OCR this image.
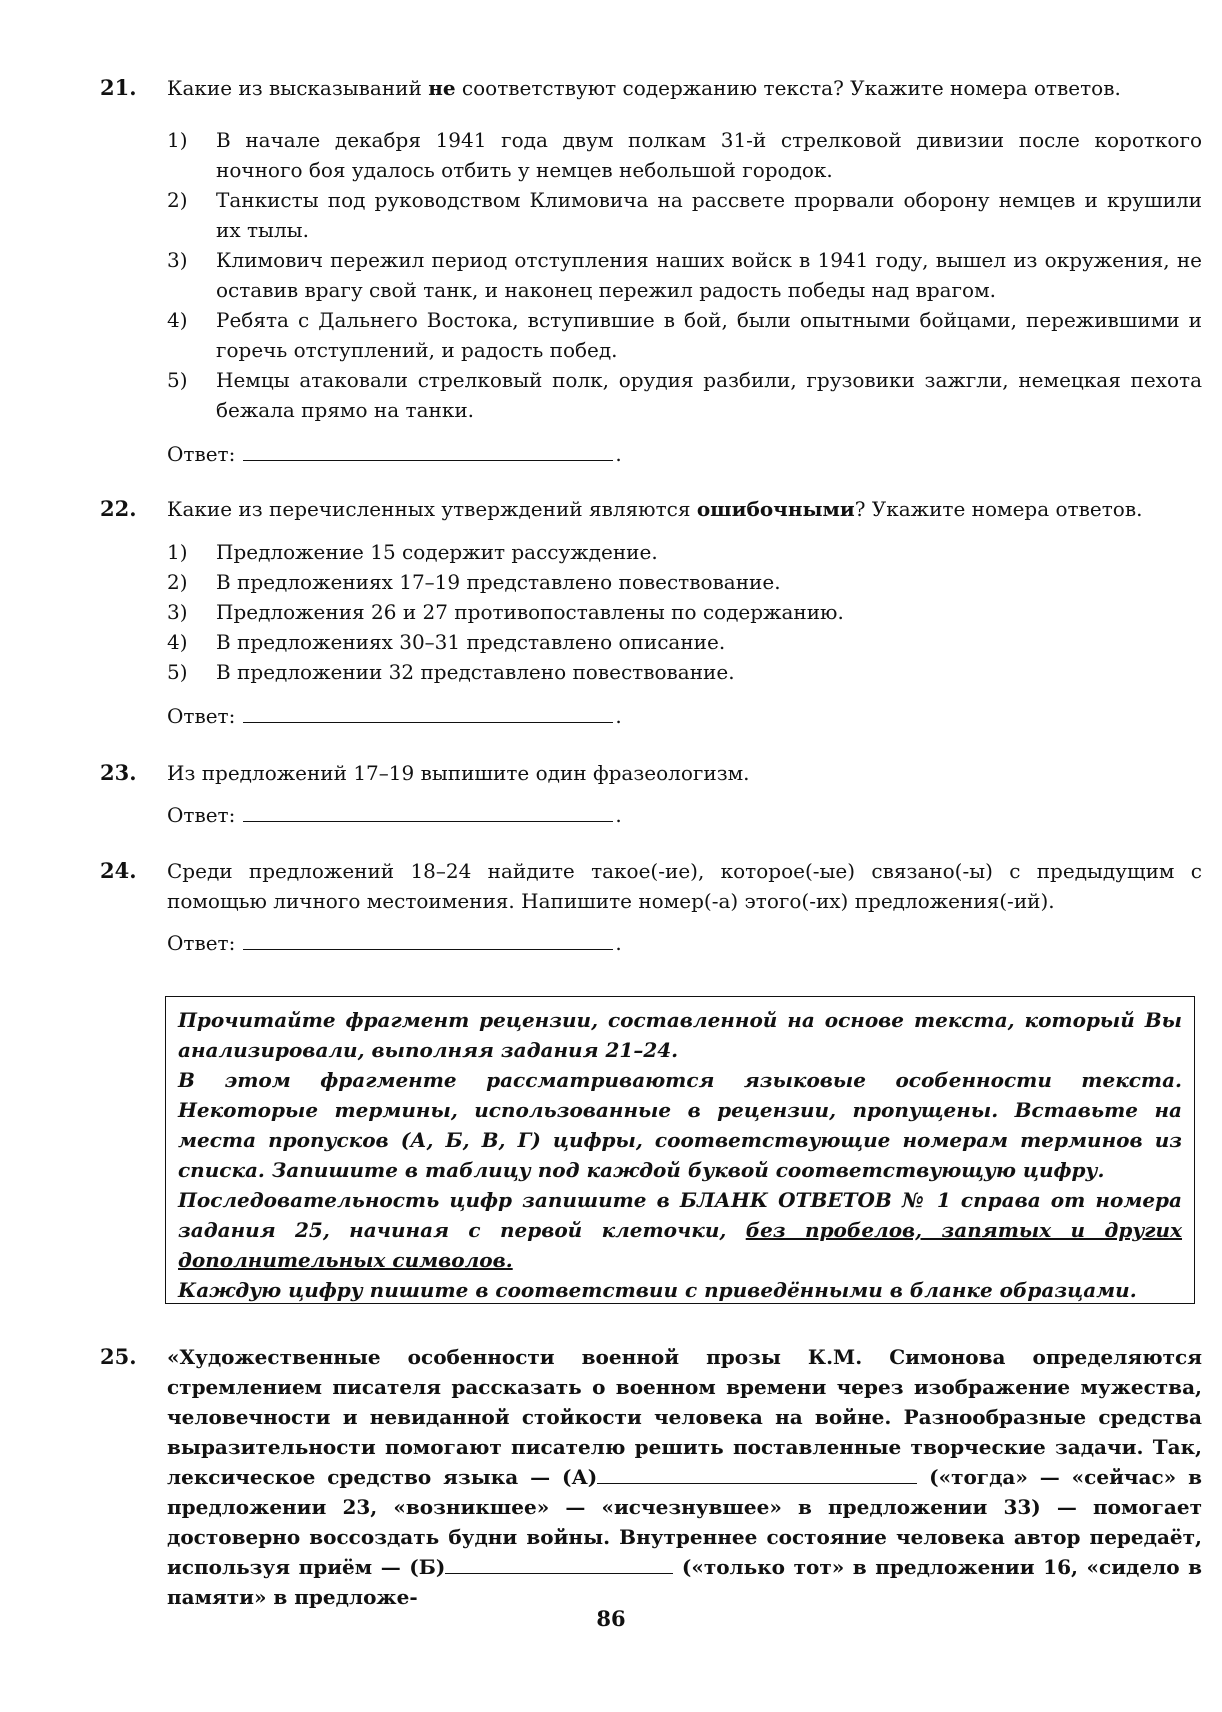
21.	Какие из высказываний не соответствуют содержанию текста? Укажите номера ответов.
1)	В начале декабря 1941 года двум полкам 31-й стрелковой дивизии после короткого ночного боя удалось отбить у немцев небольшой городок.
2)	Танкисты под руководством Климовича на рассвете прорвали оборону немцев и крушили их тылы.
3)	Климович пережил период отступления наших войск в 1941 году, вышел из окружения, не оставив врагу свой танк, и наконец пережил радость победы над врагом.
4)	Ребята с Дальнего Востока, вступившие в бой, были опытными бойцами, пережившими и горечь отступлений, и радость побед.
5)	Немцы атаковали стрелковый полк, орудия разбили, грузовики зажгли, немецкая пехота бежала прямо на танки.
Ответ:	.
22.	Какие из перечисленных утверждений являются ошибочными? Укажите номера ответов.
1)	Предложение 15 содержит рассуждение.
2)	В предложениях 17–19 представлено повествование.
3)	Предложения 26 и 27 противопоставлены по содержанию.
4)	В предложениях 30–31 представлено описание.
5)	В предложении 32 представлено повествование.
Ответ:	.
23.	Из предложений 17–19 выпишите один фразеологизм.
Ответ:	.
24.	Среди предложений 18–24 найдите такое(-ие), которое(-ые) связано(-ы) с предыдущим с помощью личного местоимения. Напишите номер(-а) этого(-их) предложения(-ий).
Ответ:	.

Прочитайте фрагмент рецензии, составленной на основе текста, который Вы анализировали, выполняя задания 21–24.

В этом фрагменте рассматриваются языковые особенности текста. Некоторые термины, использованные в рецензии, пропущены. Вставьте на места пропусков (А, Б, В, Г) цифры, соответствующие номерам терминов из списка. Запишите в таблицу под каждой буквой соответствующую цифру.

Последовательность цифр запишите в БЛАНК ОТВЕТОВ № 1 справа от номера задания 25, начиная с первой клеточки, без пробелов, запятых и других дополнительных символов.

Каждую цифру пишите в соответствии с приведёнными в бланке образцами.

25.	«Художественные особенности военной прозы К.М. Симонова определяются стремлением писателя рассказать о военном времени через изображение мужества, человечности и невиданной стойкости человека на войне. Разнообразные средства выразительности помогают писателю решить поставленные творческие задачи. Так, лексическое средство языка — (А)	(«тогда» — «сейчас» в предложении 23, «возникшее» — «исчезнувшее» в предложении 33) — помогает достоверно воссоздать будни войны. Внутреннее состояние человека автор передаёт, используя приём — (Б)	(«только тот» в предложении 16, «сидело в памяти» в предложе-
86
